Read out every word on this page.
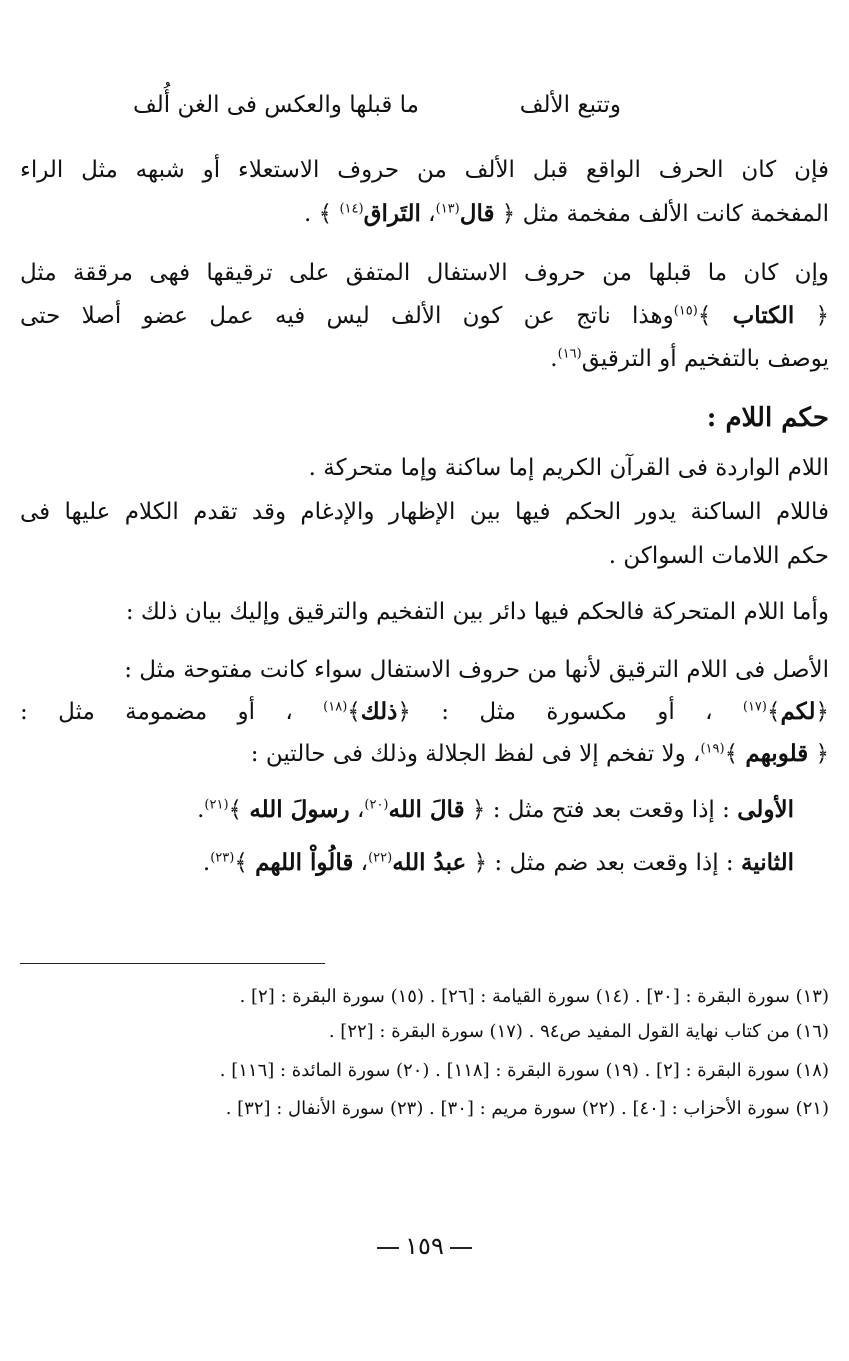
وتتبع الألف
ما قبلها والعكس فى الغن أُلف
فإن كان الحرف الواقع قبل الألف من حروف الاستعلاء أو شبهه مثل الراء
المفخمة كانت الألف مفخمة مثل ﴿ قال$^{(١٣)}$، التَراق$^{(١٤)}$ ﴾ .
وإن كان ما قبلها من حروف الاستفال المتفق على ترقيقها فهى مرققة مثل
﴿ الكتاب ﴾$^{(١٥)}$وهذا ناتج عن كون الألف ليس فيه عمل عضو أصلا حتى
يوصف بالتفخيم أو الترقيق$^{(١٦)}$.
حكم اللام :
اللام الواردة فى القرآن الكريم إما ساكنة وإما متحركة .
فاللام الساكنة يدور الحكم فيها بين الإظهار والإدغام وقد تقدم الكلام عليها فى
حكم اللامات السواكن .
وأما اللام المتحركة فالحكم فيها دائر بين التفخيم والترقيق وإليك بيان ذلك :
الأصل فى اللام الترقيق لأنها من حروف الاستفال سواء كانت مفتوحة مثل :
﴿لكم﴾$^{(١٧)}$ ، أو مكسورة مثل : ﴿ذلك﴾$^{(١٨)}$ ، أو مضمومة مثل :
﴿ قلوبهم ﴾$^{(١٩)}$، ولا تفخم إلا فى لفظ الجلالة وذلك فى حالتين :
الأولى : إذا وقعت بعد فتح مثل : ﴿ قالَ الله$^{(٢٠)}$، رسولَ الله ﴾$^{(٢١)}$.
الثانية : إذا وقعت بعد ضم مثل : ﴿ عبدُ الله$^{(٢٢)}$، قالُواْ اللهم ﴾$^{(٢٣)}$.
(١٣) سورة البقرة : [٣٠] . (١٤) سورة القيامة : [٢٦] . (١٥) سورة البقرة : [٢] .
(١٦) من كتاب نهاية القول المفيد ص٩٤ . (١٧) سورة البقرة : [٢٢] .
(١٨) سورة البقرة : [٢] . (١٩) سورة البقرة : [١١٨] . (٢٠) سورة المائدة : [١١٦] .
(٢١) سورة الأحزاب : [٤٠] . (٢٢) سورة مريم : [٣٠] . (٢٣) سورة الأنفال : [٣٢] .
١٥٩
